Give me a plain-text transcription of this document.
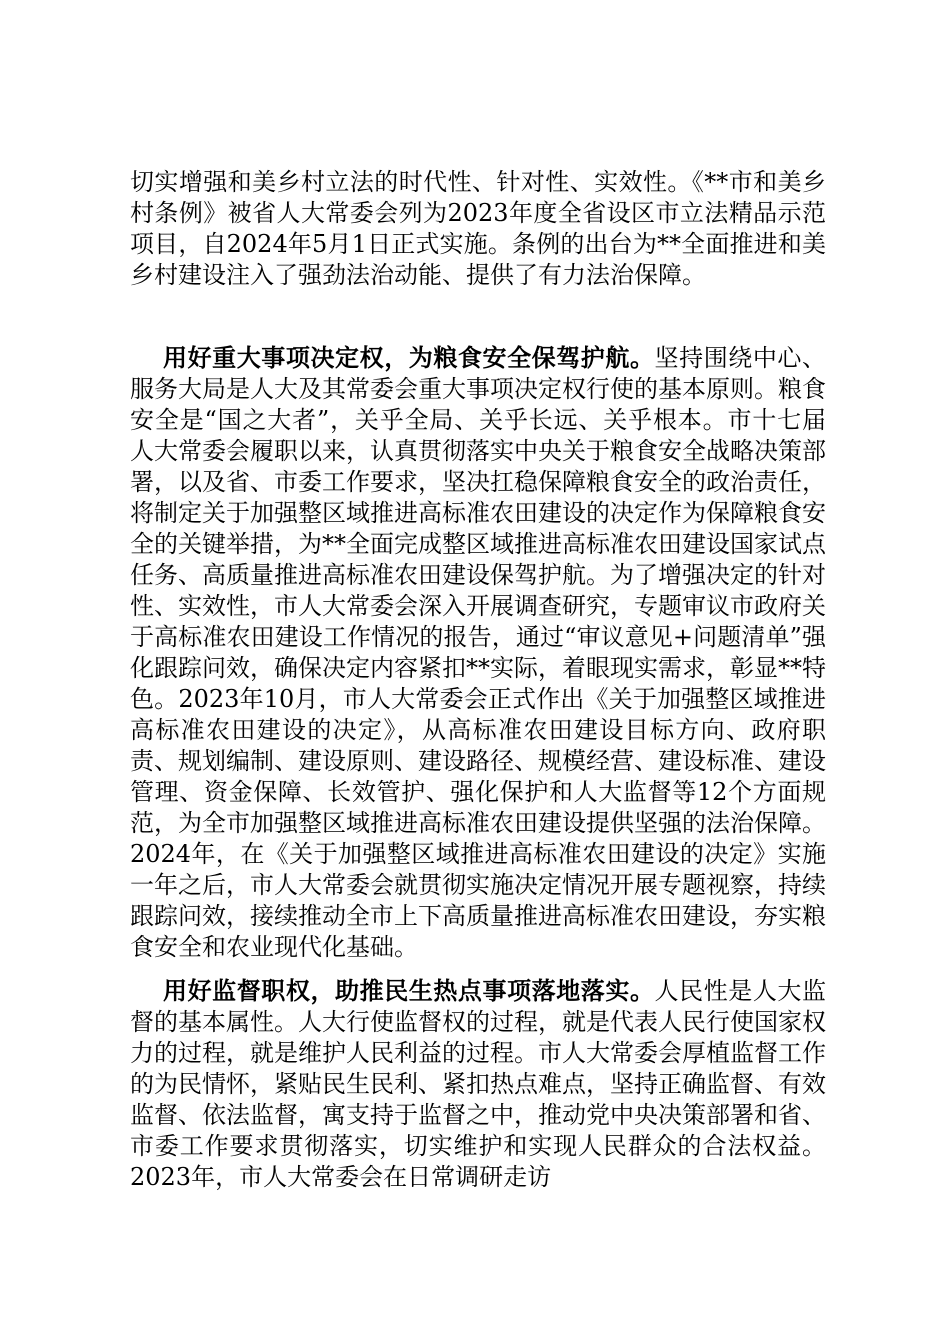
切实增强和美乡村立法的时代性、针对性、实效性。《**市和美乡村条例》被省人大常委会列为2023年度全省设区市立法精品示范项目，自2024年5月1日正式实施。条例的出台为**全面推进和美乡村建设注入了强劲法治动能、提供了有力法治保障。

用好重大事项决定权，为粮食安全保驾护航。坚持围绕中心、服务大局是人大及其常委会重大事项决定权行使的基本原则。粮食安全是“国之大者”，关乎全局、关乎长远、关乎根本。市十七届人大常委会履职以来，认真贯彻落实中央关于粮食安全战略决策部署，以及省、市委工作要求，坚决扛稳保障粮食安全的政治责任，将制定关于加强整区域推进高标准农田建设的决定作为保障粮食安全的关键举措，为**全面完成整区域推进高标准农田建设国家试点任务、高质量推进高标准农田建设保驾护航。为了增强决定的针对性、实效性，市人大常委会深入开展调查研究，专题审议市政府关于高标准农田建设工作情况的报告，通过“审议意见+问题清单”强化跟踪问效，确保决定内容紧扣**实际，着眼现实需求，彰显**特色。2023年10月，市人大常委会正式作出《关于加强整区域推进高标准农田建设的决定》，从高标准农田建设目标方向、政府职责、规划编制、建设原则、建设路径、规模经营、建设标准、建设管理、资金保障、长效管护、强化保护和人大监督等12个方面规范，为全市加强整区域推进高标准农田建设提供坚强的法治保障。2024年，在《关于加强整区域推进高标准农田建设的决定》实施一年之后，市人大常委会就贯彻实施决定情况开展专题视察，持续跟踪问效，接续推动全市上下高质量推进高标准农田建设，夯实粮食安全和农业现代化基础。

用好监督职权，助推民生热点事项落地落实。人民性是人大监督的基本属性。人大行使监督权的过程，就是代表人民行使国家权力的过程，就是维护人民利益的过程。市人大常委会厚植监督工作的为民情怀，紧贴民生民利、紧扣热点难点，坚持正确监督、有效监督、依法监督，寓支持于监督之中，推动党中央决策部署和省、市委工作要求贯彻落实，切实维护和实现人民群众的合法权益。2023年，市人大常委会在日常调研走访
